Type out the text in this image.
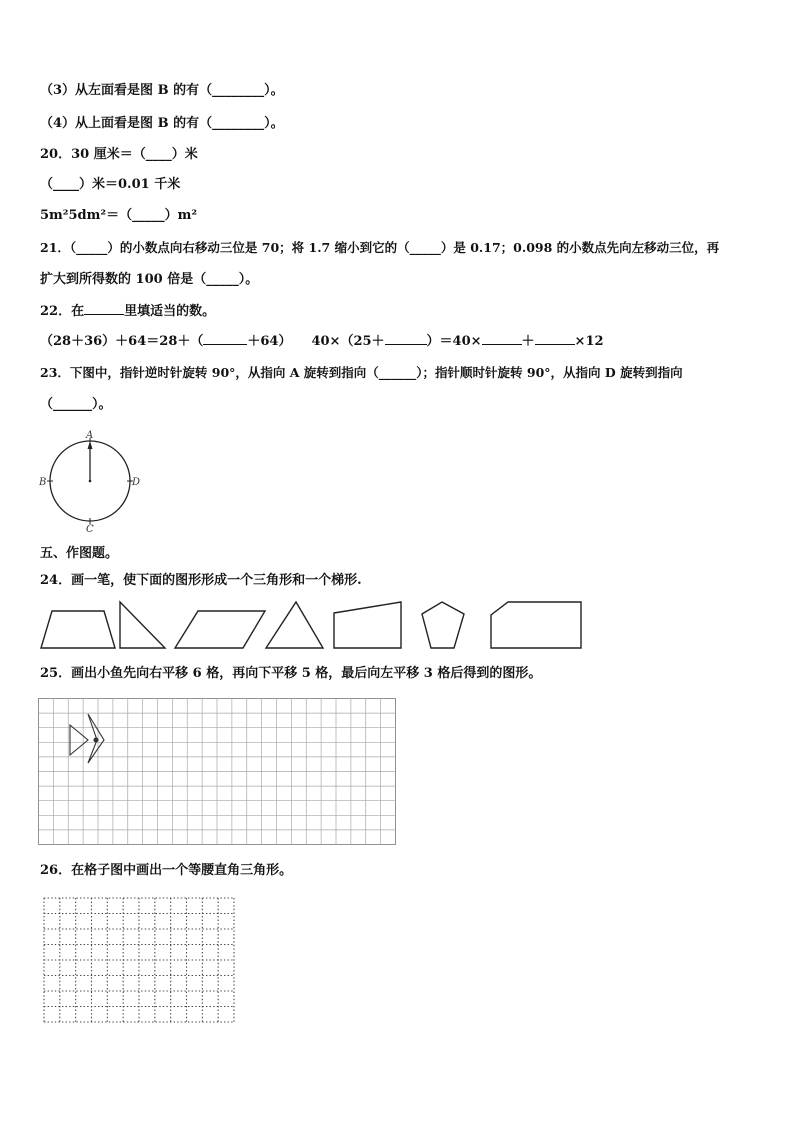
（3）从左面看是图 B 的有（________）。
（4）从上面看是图 B 的有（________）。
20．30 厘米＝（____）米
（____）米＝0.01 千米
5m²5dm²＝（_____）m²
21．（_____）的小数点向右移动三位是 70；将 1.7 缩小到它的（_____）是 0.17；0.098 的小数点先向左移动三位，再
扩大到所得数的 100 倍是（_____）。
22．在	里填适当的数。
（28＋36）＋64＝28＋（	＋64） 40×（25＋	）＝40×	＋	×12
23．下图中，指针逆时针旋转 90°，从指向 A 旋转到指向（______）；指针顺时针旋转 90°，从指向 D 旋转到指向
（______）。
A
B
C
D
五、作图题。
24．画一笔，使下面的图形形成一个三角形和一个梯形.
25．画出小鱼先向右平移 6 格，再向下平移 5 格，最后向左平移 3 格后得到的图形。
26．在格子图中画出一个等腰直角三角形。
